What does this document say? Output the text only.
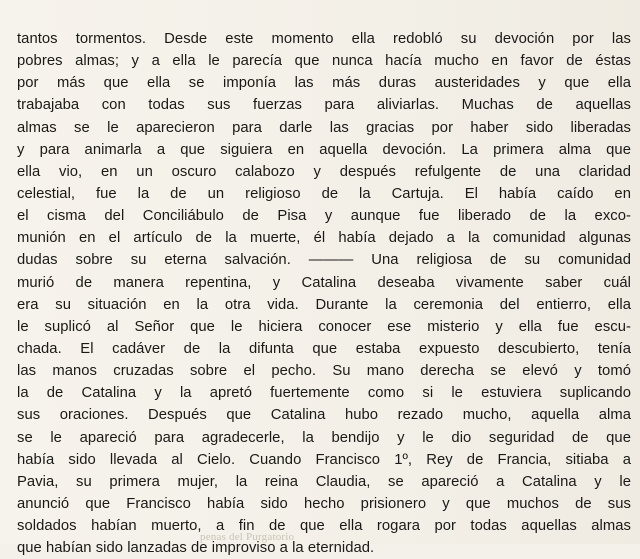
tantos tormentos. Desde este momento ella redobló su devoción por las
pobres almas; y a ella le parecía que nunca hacía mucho en favor de éstas
por más que ella se imponía las más duras austeridades y que ella
trabajaba con todas sus fuerzas para aliviarlas. Muchas de aquellas
almas se le aparecieron para darle las gracias por haber sido liberadas
y para animarla a que siguiera en aquella devoción. La primera alma que
ella vio, en un oscuro calabozo y después refulgente de una claridad
celestial, fue la de un religioso de la Cartuja. El había caído en
el cisma del Conciliábulo de Pisa y aunque fue liberado de la exco-
munión en el artículo de la muerte, él había dejado a la comunidad algunas
dudas sobre su eterna salvación. ——— Una religiosa de su comunidad
murió de manera repentina, y Catalina deseaba vivamente saber cuál
era su situación en la otra vida. Durante la ceremonia del entierro, ella
le suplicó al Señor que le hiciera conocer ese misterio y ella fue escu-
chada. El cadáver de la difunta que estaba expuesto descubierto, tenía
las manos cruzadas sobre el pecho. Su mano derecha se elevó y tomó
la de Catalina y la apretó fuertemente como si le estuviera suplicando
sus oraciones. Después que Catalina hubo rezado mucho, aquella alma
se le apareció para agradecerle, la bendijo y le dio seguridad de que
había sido llevada al Cielo. Cuando Francisco 1º, Rey de Francia, sitiaba a
Pavia, su primera mujer, la reina Claudia, se apareció a Catalina y le
anunció que Francisco había sido hecho prisionero y que muchos de sus
soldados habían muerto, a fin de que ella rogara por todas aquellas almas
que habían sido lanzadas de improviso a la eternidad.
penas del Purgatorio
